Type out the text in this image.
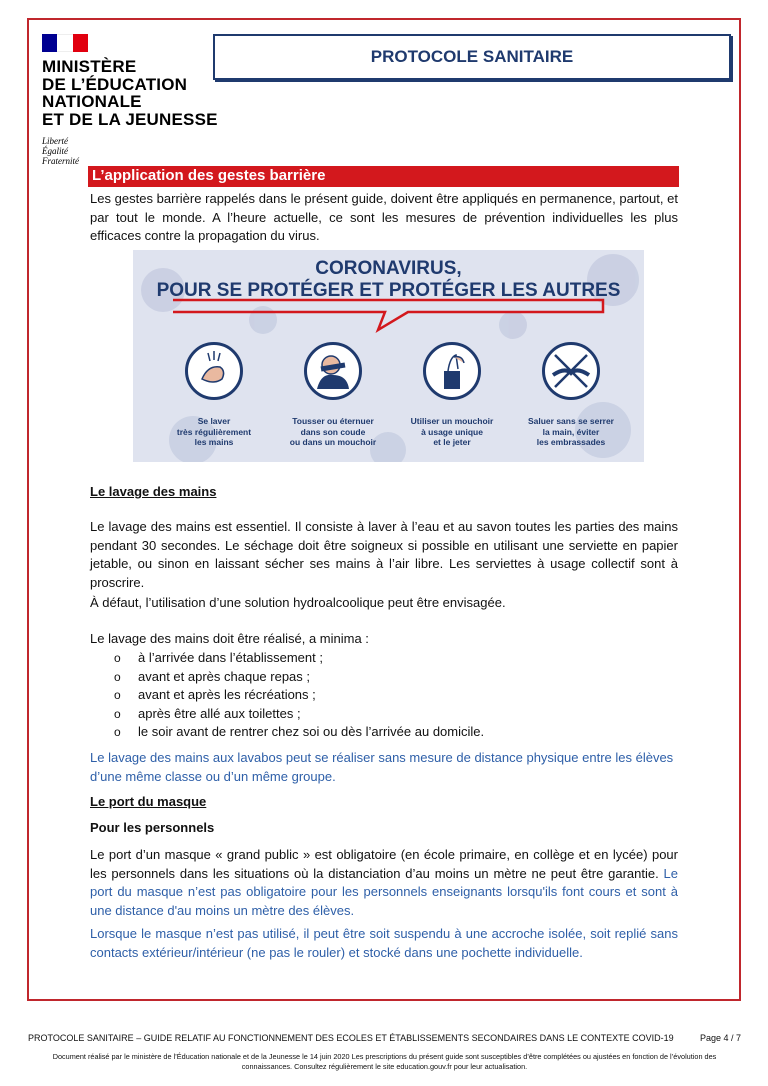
MINISTÈRE
DE L’ÉDUCATION
NATIONALE
ET DE LA JEUNESSE
Liberté
Égalité
Fraternité
PROTOCOLE SANITAIRE
L’application des gestes barrière
Les gestes barrière rappelés dans le présent guide, doivent être appliqués en permanence, partout, et par tout le monde. A l’heure actuelle, ce sont les mesures de prévention individuelles les plus efficaces contre la propagation du virus.
CORONAVIRUS,
POUR SE PROTÉGER ET PROTÉGER LES AUTRES
Se laver
très régulièrement
les mains
Tousser ou éternuer
dans son coude
ou dans un mouchoir
Utiliser un mouchoir
à usage unique
et le jeter
Saluer sans se serrer
la main, éviter
les embrassades
Le lavage des mains
Le lavage des mains est essentiel. Il consiste à laver à l’eau et au savon toutes les parties des mains pendant 30 secondes. Le séchage doit être soigneux si possible en utilisant une serviette en papier jetable, ou sinon en laissant sécher ses mains à l’air libre. Les serviettes à usage collectif sont à proscrire.
À défaut, l’utilisation d’une solution hydroalcoolique peut être envisagée.
Le lavage des mains doit être réalisé, a minima :
o à l’arrivée dans l’établissement ;
o avant et après chaque repas ;
o avant et après les récréations ;
o après être allé aux toilettes ;
o le soir avant de rentrer chez soi ou dès l’arrivée au domicile.
Le lavage des mains aux lavabos peut se réaliser sans mesure de distance physique entre les élèves d’une même classe ou d’un même groupe.
Le port du masque
Pour les personnels
Le port d’un masque « grand public » est obligatoire (en école primaire, en collège et en lycée) pour les personnels dans les situations où la distanciation d’au moins un mètre ne peut être garantie. Le port du masque n’est pas obligatoire pour les personnels enseignants lorsqu'ils font cours et sont à une distance d'au moins un mètre des élèves.
Lorsque le masque n’est pas utilisé, il peut être soit suspendu à une accroche isolée, soit replié sans contacts extérieur/intérieur (ne pas le rouler) et stocké dans une pochette individuelle.
PROTOCOLE SANITAIRE – GUIDE RELATIF AU FONCTIONNEMENT DES ECOLES ET ÉTABLISSEMENTS SECONDAIRES DANS LE CONTEXTE COVID-19	Page 4 / 7
Document réalisé par le ministère de l’Éducation nationale et de la Jeunesse le 14 juin 2020 Les prescriptions du présent guide sont susceptibles d’être complétées ou ajustées en fonction de l’évolution des
connaissances. Consultez régulièrement le site education.gouv.fr pour leur actualisation.
